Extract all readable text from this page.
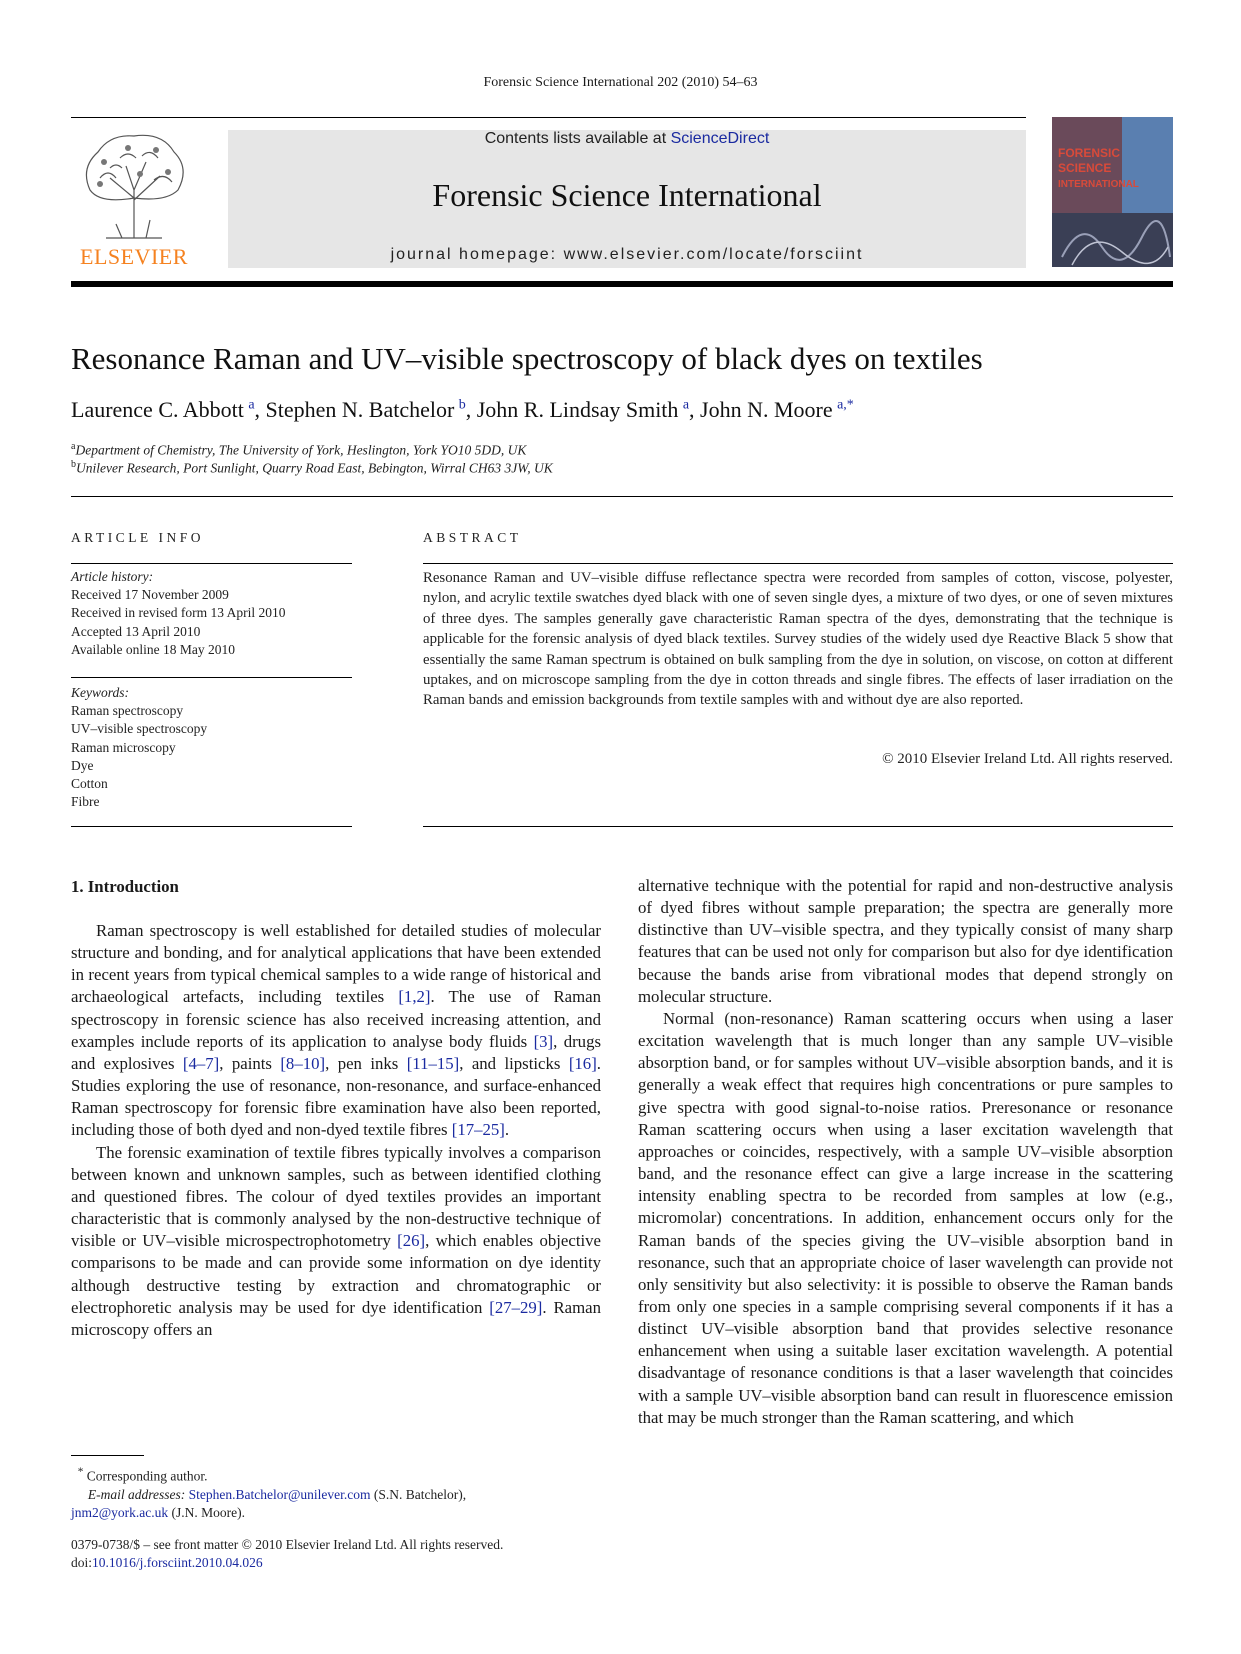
Forensic Science International 202 (2010) 54–63
ELSEVIER
Contents lists available at ScienceDirect
Forensic Science International
journal homepage: www.elsevier.com/locate/forsciint
FORENSIC
SCIENCE
INTERNATIONAL
Resonance Raman and UV–visible spectroscopy of black dyes on textiles
Laurence C. Abbott  $^a$, Stephen N. Batchelor  $^b$, John R. Lindsay Smith  $^a$, John N. Moore  $^{a,*}$
$^a$Department of Chemistry, The University of York, Heslington, York YO10 5DD, UK
$^b$Unilever Research, Port Sunlight, Quarry Road East, Bebington, Wirral CH63 3JW, UK
ARTICLE INFO
Article history:
Received 17 November 2009
Received in revised form 13 April 2010
Accepted 13 April 2010
Available online 18 May 2010
Keywords:
Raman spectroscopy
UV–visible spectroscopy
Raman microscopy
Dye
Cotton
Fibre
ABSTRACT
Resonance Raman and UV–visible diffuse reflectance spectra were recorded from samples of cotton, viscose, polyester, nylon, and acrylic textile swatches dyed black with one of seven single dyes, a mixture of two dyes, or one of seven mixtures of three dyes. The samples generally gave characteristic Raman spectra of the dyes, demonstrating that the technique is applicable for the forensic analysis of dyed black textiles. Survey studies of the widely used dye Reactive Black 5 show that essentially the same Raman spectrum is obtained on bulk sampling from the dye in solution, on viscose, on cotton at different uptakes, and on microscope sampling from the dye in cotton threads and single fibres. The effects of laser irradiation on the Raman bands and emission backgrounds from textile samples with and without dye are also reported.
© 2010 Elsevier Ireland Ltd. All rights reserved.
1. Introduction

Raman spectroscopy is well established for detailed studies of molecular structure and bonding, and for analytical applications that have been extended in recent years from typical chemical samples to a wide range of historical and archaeological artefacts, including textiles [1,2]. The use of Raman spectroscopy in forensic science has also received increasing attention, and examples include reports of its application to analyse body fluids [3], drugs and explosives [4–7], paints [8–10], pen inks [11–15], and lipsticks [16]. Studies exploring the use of resonance, non-resonance, and surface-enhanced Raman spectroscopy for forensic fibre examination have also been reported, including those of both dyed and non-dyed textile fibres [17–25].

The forensic examination of textile fibres typically involves a comparison between known and unknown samples, such as between identified clothing and questioned fibres. The colour of dyed textiles provides an important characteristic that is commonly analysed by the non-destructive technique of visible or UV–visible microspectrophotometry [26], which enables objective comparisons to be made and can provide some information on dye identity although destructive testing by extraction and chromatographic or electrophoretic analysis may be used for dye identification [27–29]. Raman microscopy offers an

alternative technique with the potential for rapid and non-destructive analysis of dyed fibres without sample preparation; the spectra are generally more distinctive than UV–visible spectra, and they typically consist of many sharp features that can be used not only for comparison but also for dye identification because the bands arise from vibrational modes that depend strongly on molecular structure.

Normal (non-resonance) Raman scattering occurs when using a laser excitation wavelength that is much longer than any sample UV–visible absorption band, or for samples without UV–visible absorption bands, and it is generally a weak effect that requires high concentrations or pure samples to give spectra with good signal-to-noise ratios. Preresonance or resonance Raman scattering occurs when using a laser excitation wavelength that approaches or coincides, respectively, with a sample UV–visible absorption band, and the resonance effect can give a large increase in the scattering intensity enabling spectra to be recorded from samples at low (e.g., micromolar) concentrations. In addition, enhancement occurs only for the Raman bands of the species giving the UV–visible absorption band in resonance, such that an appropriate choice of laser wavelength can provide not only sensitivity but also selectivity: it is possible to observe the Raman bands from only one species in a sample comprising several components if it has a distinct UV–visible absorption band that provides selective resonance enhancement when using a suitable laser excitation wavelength. A potential disadvantage of resonance conditions is that a laser wavelength that coincides with a sample UV–visible absorption band can result in fluorescence emission that may be much stronger than the Raman scattering, and which

* Corresponding author.
E-mail addresses: Stephen.Batchelor@unilever.com (S.N. Batchelor),
jnm2@york.ac.uk (J.N. Moore).
0379-0738/$ – see front matter © 2010 Elsevier Ireland Ltd. All rights reserved.
doi:10.1016/j.forsciint.2010.04.026
